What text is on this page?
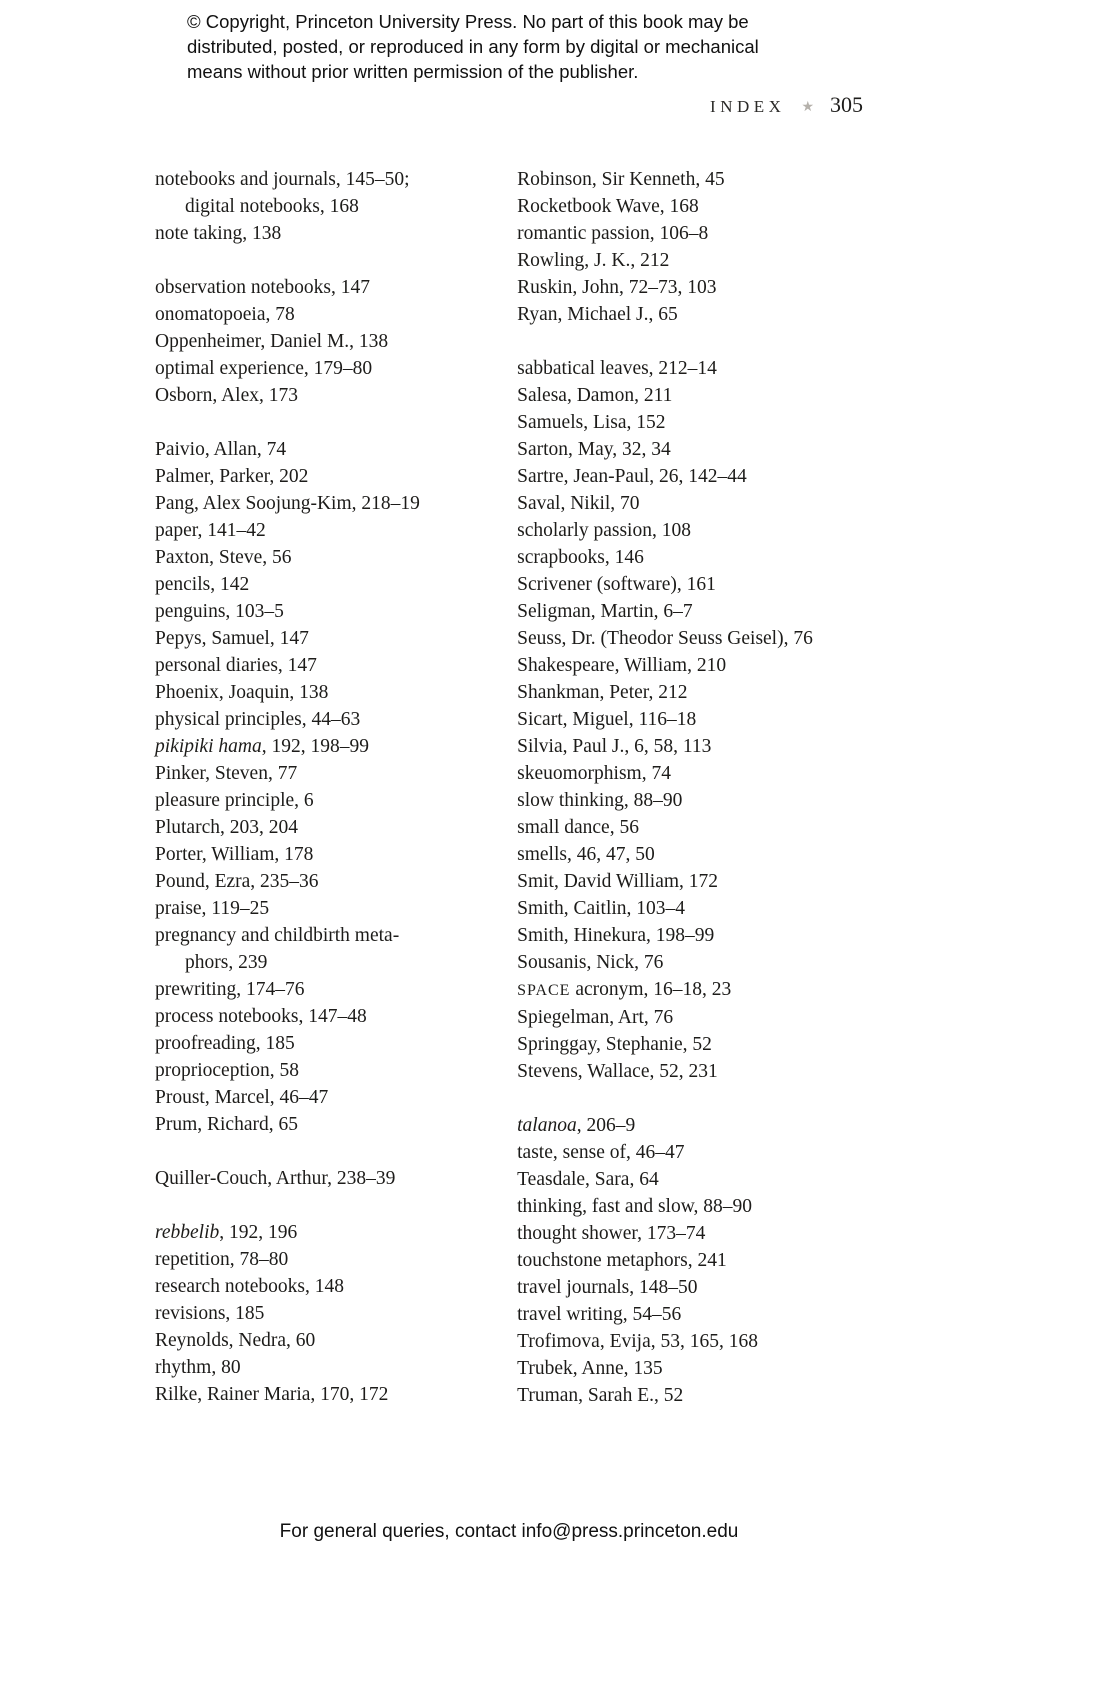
© Copyright, Princeton University Press. No part of this book may be
distributed, posted, or reproduced in any form by digital or mechanical
means without prior written permission of the publisher.
INDEX ★ 305
notebooks and journals, 145–50;
digital notebooks, 168
note taking, 138
observation notebooks, 147
onomatopoeia, 78
Oppenheimer, Daniel M., 138
optimal experience, 179–80
Osborn, Alex, 173
Paivio, Allan, 74
Palmer, Parker, 202
Pang, Alex Soojung-Kim, 218–19
paper, 141–42
Paxton, Steve, 56
pencils, 142
penguins, 103–5
Pepys, Samuel, 147
personal diaries, 147
Phoenix, Joaquin, 138
physical principles, 44–63
pikipiki hama, 192, 198–99
Pinker, Steven, 77
pleasure principle, 6
Plutarch, 203, 204
Porter, William, 178
Pound, Ezra, 235–36
praise, 119–25
pregnancy and childbirth meta-
phors, 239
prewriting, 174–76
process notebooks, 147–48
proofreading, 185
proprioception, 58
Proust, Marcel, 46–47
Prum, Richard, 65
Quiller-Couch, Arthur, 238–39
rebbelib, 192, 196
repetition, 78–80
research notebooks, 148
revisions, 185
Reynolds, Nedra, 60
rhythm, 80
Rilke, Rainer Maria, 170, 172
Robinson, Sir Kenneth, 45
Rocketbook Wave, 168
romantic passion, 106–8
Rowling, J. K., 212
Ruskin, John, 72–73, 103
Ryan, Michael J., 65
sabbatical leaves, 212–14
Salesa, Damon, 211
Samuels, Lisa, 152
Sarton, May, 32, 34
Sartre, Jean-Paul, 26, 142–44
Saval, Nikil, 70
scholarly passion, 108
scrapbooks, 146
Scrivener (software), 161
Seligman, Martin, 6–7
Seuss, Dr. (Theodor Seuss Geisel), 76
Shakespeare, William, 210
Shankman, Peter, 212
Sicart, Miguel, 116–18
Silvia, Paul J., 6, 58, 113
skeuomorphism, 74
slow thinking, 88–90
small dance, 56
smells, 46, 47, 50
Smit, David William, 172
Smith, Caitlin, 103–4
Smith, Hinekura, 198–99
Sousanis, Nick, 76
SPACE acronym, 16–18, 23
Spiegelman, Art, 76
Springgay, Stephanie, 52
Stevens, Wallace, 52, 231
talanoa, 206–9
taste, sense of, 46–47
Teasdale, Sara, 64
thinking, fast and slow, 88–90
thought shower, 173–74
touchstone metaphors, 241
travel journals, 148–50
travel writing, 54–56
Trofimova, Evija, 53, 165, 168
Trubek, Anne, 135
Truman, Sarah E., 52
For general queries, contact info@press.princeton.edu
